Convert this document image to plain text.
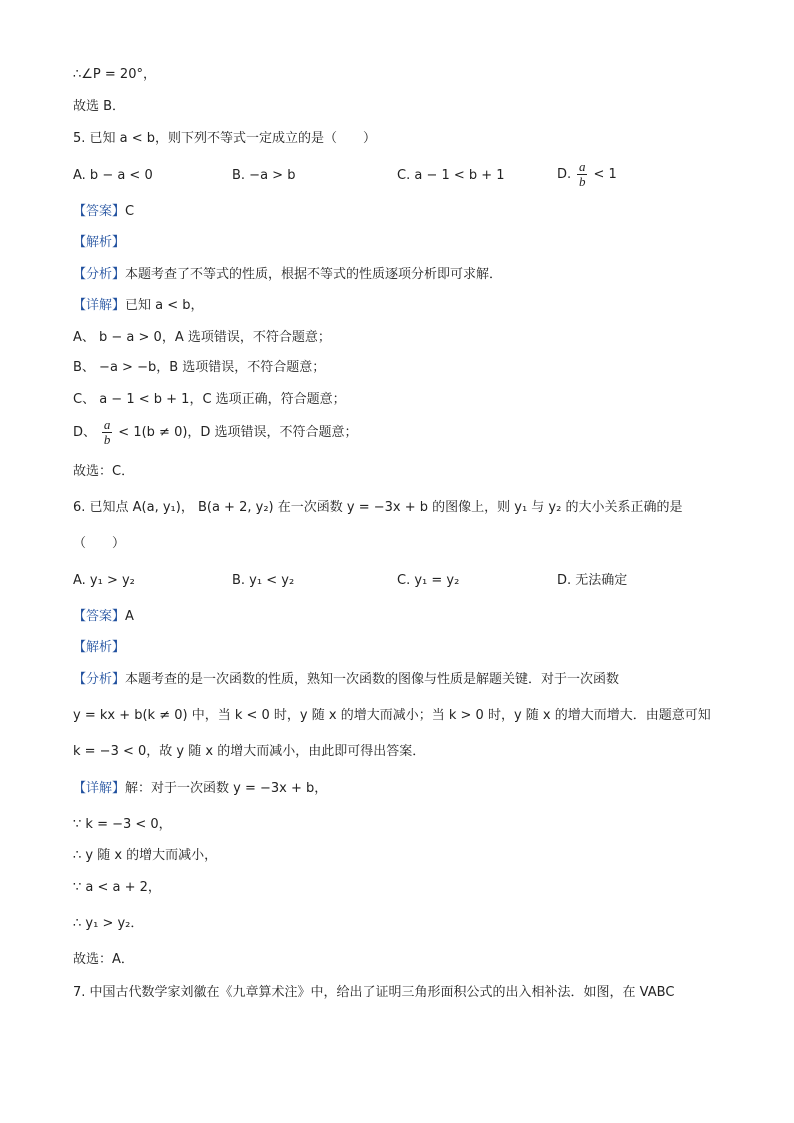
∴∠P = 20°，
故选 B．
5. 已知 a < b，则下列不等式一定成立的是（　　）
A. b − a < 0	B. −a > b	C. a − 1 < b + 1	D. $\frac{a}{b} < 1$
【答案】C
【解析】
【分析】本题考查了不等式的性质，根据不等式的性质逐项分析即可求解．
【详解】已知 a < b，
A、 b − a > 0，A 选项错误，不符合题意；
B、 −a > −b，B 选项错误，不符合题意；
C、 a − 1 < b + 1，C 选项正确，符合题意；
D、 $\frac{a}{b} < 1(b \ne 0)$，D 选项错误，不符合题意；
故选：C．
6. 已知点 A(a, y₁)， B(a + 2, y₂) 在一次函数 y = −3x + b 的图像上，则 y₁ 与 y₂ 的大小关系正确的是
（　　）
A. y₁ > y₂	B. y₁ < y₂	C. y₁ = y₂	D. 无法确定
【答案】A
【解析】
【分析】本题考查的是一次函数的性质，熟知一次函数的图像与性质是解题关键．对于一次函数
y = kx + b(k ≠ 0) 中，当 k < 0 时，y 随 x 的增大而减小；当 k > 0 时，y 随 x 的增大而增大．由题意可知
k = −3 < 0，故 y 随 x 的增大而减小，由此即可得出答案．
【详解】解：对于一次函数 y = −3x + b，
∵ k = −3 < 0，
∴ y 随 x 的增大而减小，
∵ a < a + 2，
∴ y₁ > y₂．
故选：A．
7. 中国古代数学家刘徽在《九章算术注》中，给出了证明三角形面积公式的出入相补法．如图，在 VABC
